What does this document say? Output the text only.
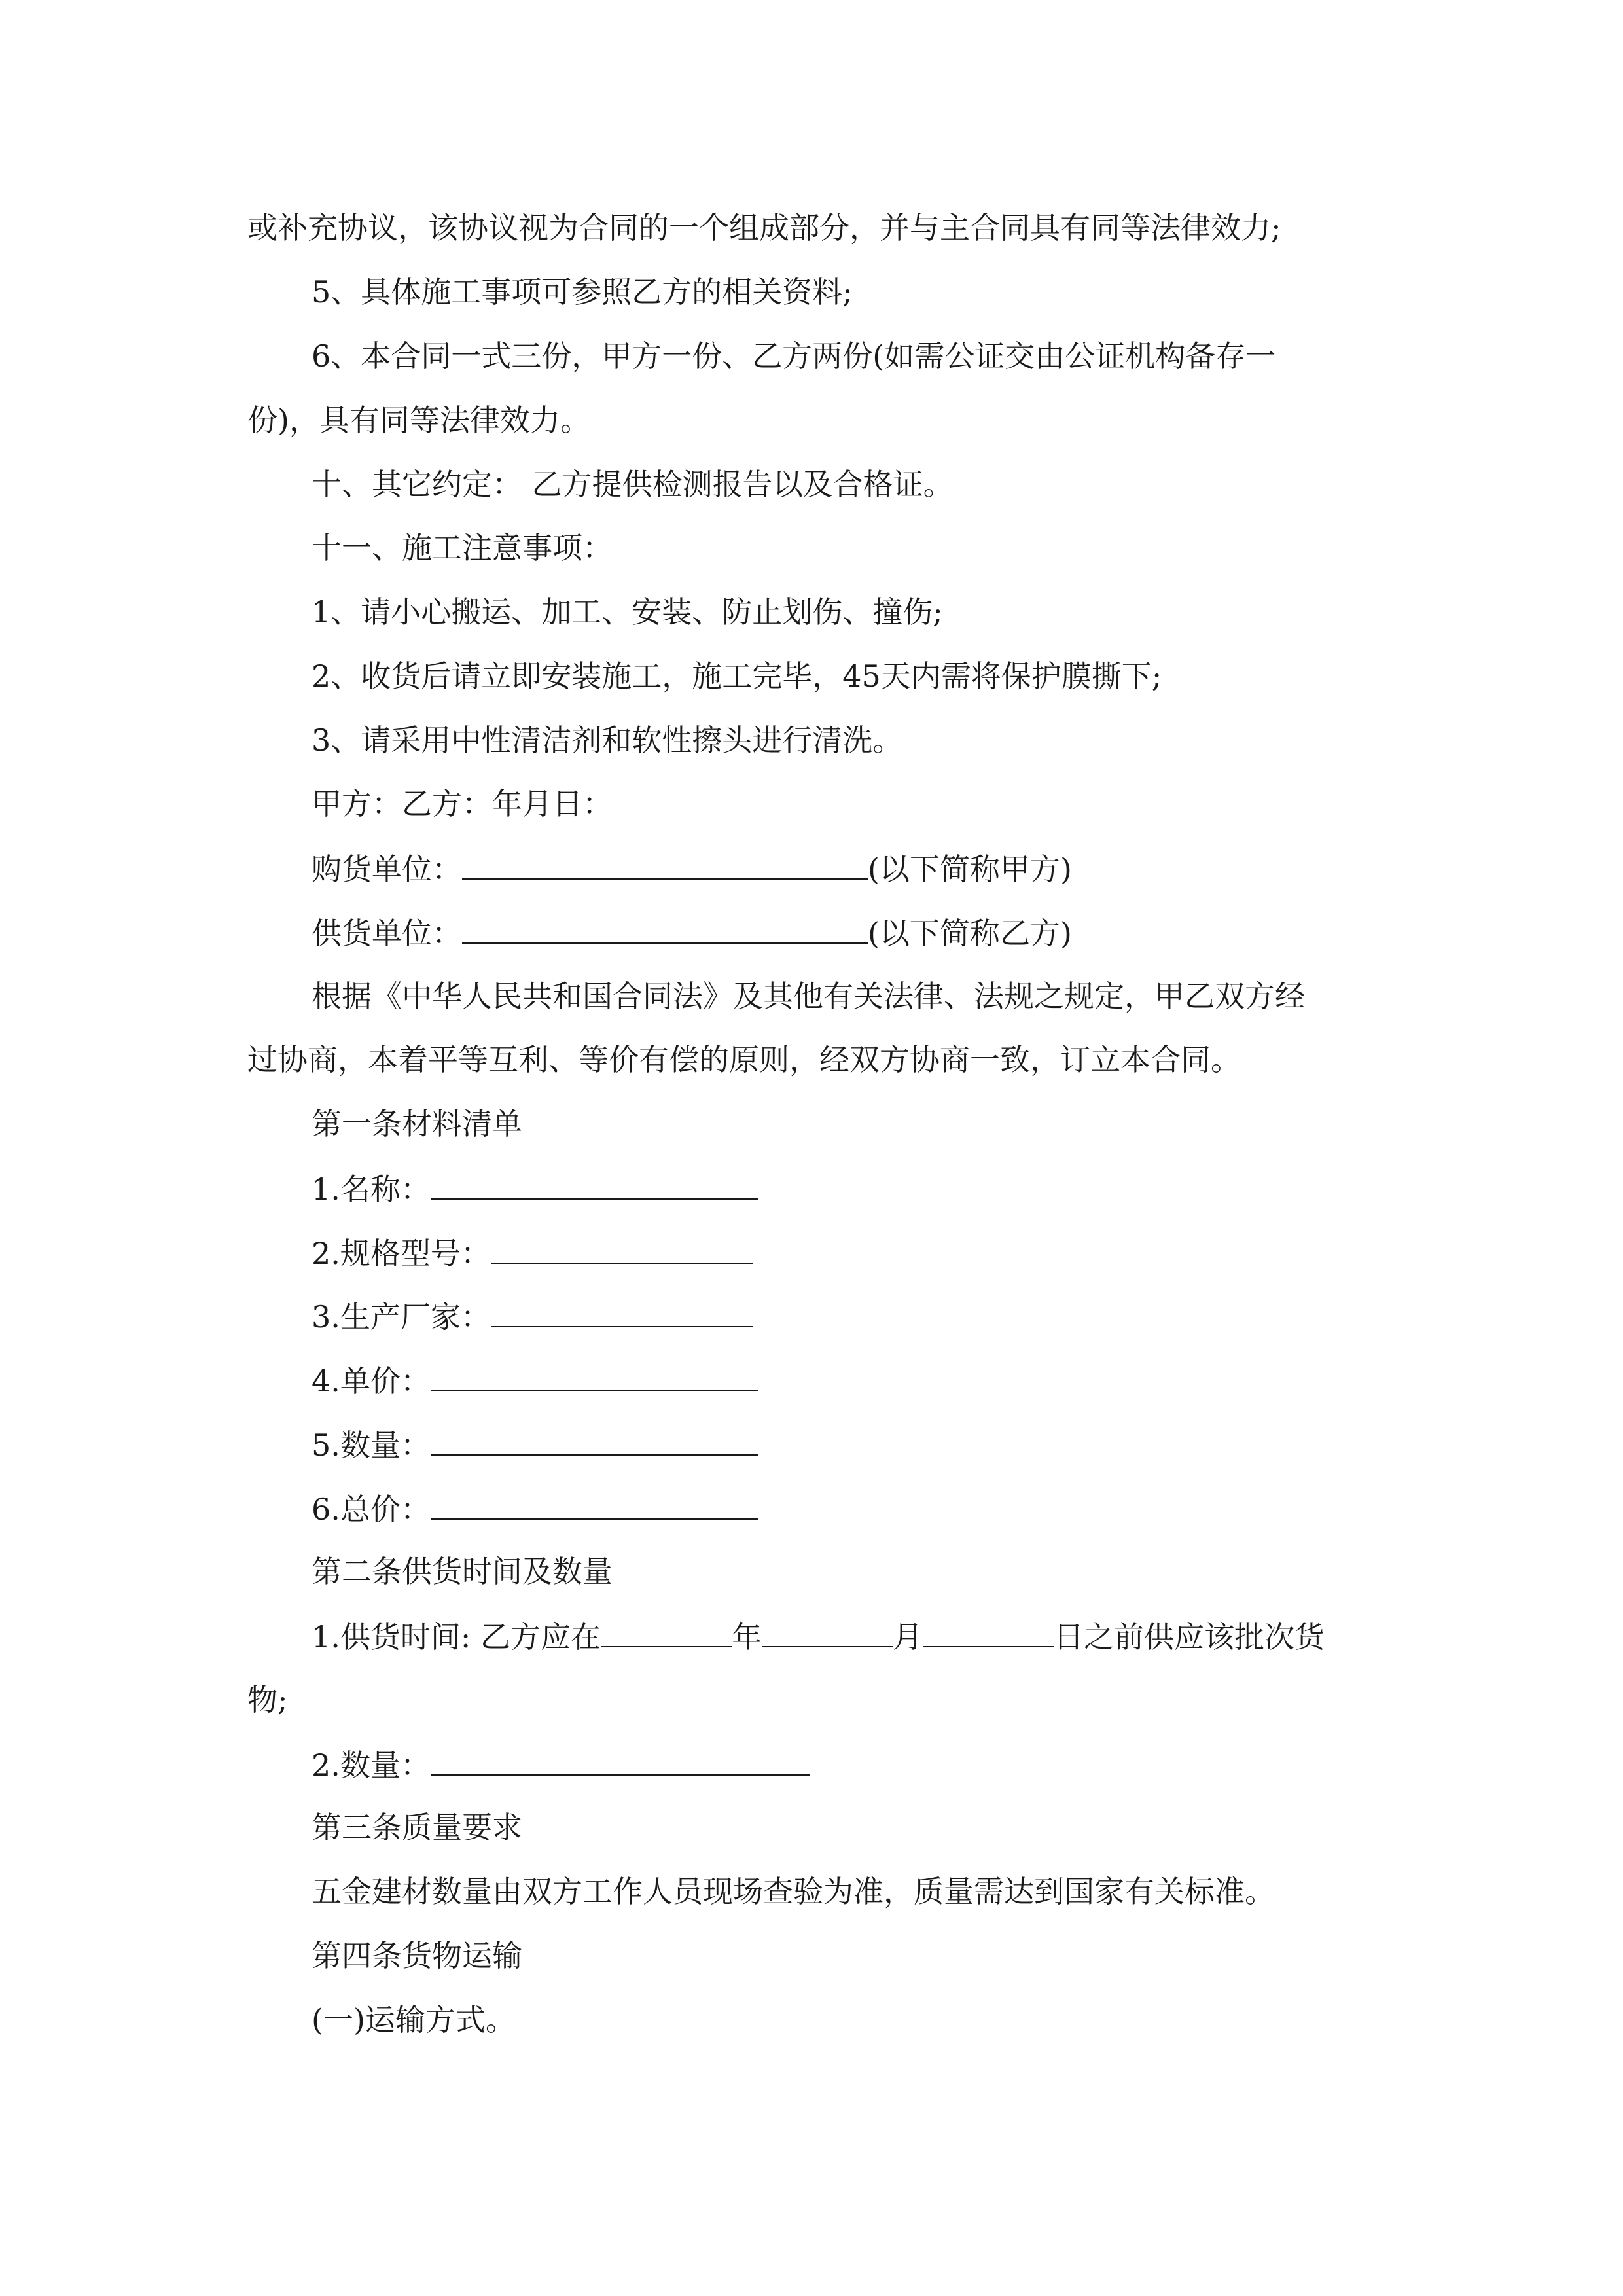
或补充协议，该协议视为合同的一个组成部分，并与主合同具有同等法律效力;
5、具体施工事项可参照乙方的相关资料;
6、本合同一式三份，甲方一份、乙方两份(如需公证交由公证机构备存一
份)，具有同等法律效力。
十、其它约定： 乙方提供检测报告以及合格证。
十一、施工注意事项：
1、请小心搬运、加工、安装、防止划伤、撞伤;
2、收货后请立即安装施工，施工完毕，45天内需将保护膜撕下;
3、请采用中性清洁剂和软性擦头进行清洗。
甲方：乙方：年月日：
购货单位：	(以下简称甲方)
供货单位：	(以下简称乙方)
根据《中华人民共和国合同法》及其他有关法律、法规之规定，甲乙双方经
过协商，本着平等互利、等价有偿的原则，经双方协商一致，订立本合同。
第一条材料清单
1.名称：
2.规格型号：
3.生产厂家：
4.单价：
5.数量：
6.总价：
第二条供货时间及数量
1.供货时间: 乙方应在	年	月	日之前供应该批次货
物;
2.数量：
第三条质量要求
五金建材数量由双方工作人员现场查验为准，质量需达到国家有关标准。
第四条货物运输
(一)运输方式。
